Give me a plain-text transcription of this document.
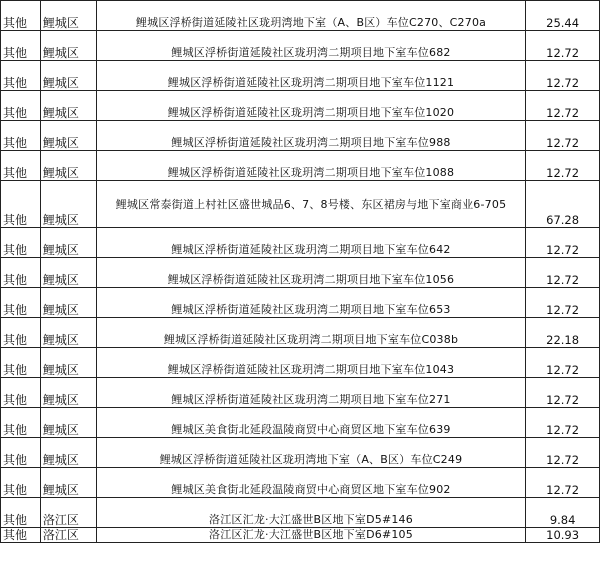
其他	鲤城区	鲤城区浮桥街道延陵社区珑玥湾地下室（A、B区）车位C270、C270a	25.44
其他	鲤城区	鲤城区浮桥街道延陵社区珑玥湾二期项目地下室车位682	12.72
其他	鲤城区	鲤城区浮桥街道延陵社区珑玥湾二期项目地下室车位1121	12.72
其他	鲤城区	鲤城区浮桥街道延陵社区珑玥湾二期项目地下室车位1020	12.72
其他	鲤城区	鲤城区浮桥街道延陵社区珑玥湾二期项目地下室车位988	12.72
其他	鲤城区	鲤城区浮桥街道延陵社区珑玥湾二期项目地下室车位1088	12.72
其他	鲤城区	鲤城区常泰街道上村社区盛世城品6、7、8号楼、东区裙房与地下室商业6-705	67.28
其他	鲤城区	鲤城区浮桥街道延陵社区珑玥湾二期项目地下室车位642	12.72
其他	鲤城区	鲤城区浮桥街道延陵社区珑玥湾二期项目地下室车位1056	12.72
其他	鲤城区	鲤城区浮桥街道延陵社区珑玥湾二期项目地下室车位653	12.72
其他	鲤城区	鲤城区浮桥街道延陵社区珑玥湾二期项目地下室车位C038b	22.18
其他	鲤城区	鲤城区浮桥街道延陵社区珑玥湾二期项目地下室车位1043	12.72
其他	鲤城区	鲤城区浮桥街道延陵社区珑玥湾二期项目地下室车位271	12.72
其他	鲤城区	鲤城区美食街北延段温陵商贸中心商贸区地下室车位639	12.72
其他	鲤城区	鲤城区浮桥街道延陵社区珑玥湾地下室（A、B区）车位C249	12.72
其他	鲤城区	鲤城区美食街北延段温陵商贸中心商贸区地下室车位902	12.72
其他	洛江区	洛江区汇龙·大江盛世B区地下室D5#146	9.84
其他	洛江区	洛江区汇龙·大江盛世B区地下室D6#105	10.93
